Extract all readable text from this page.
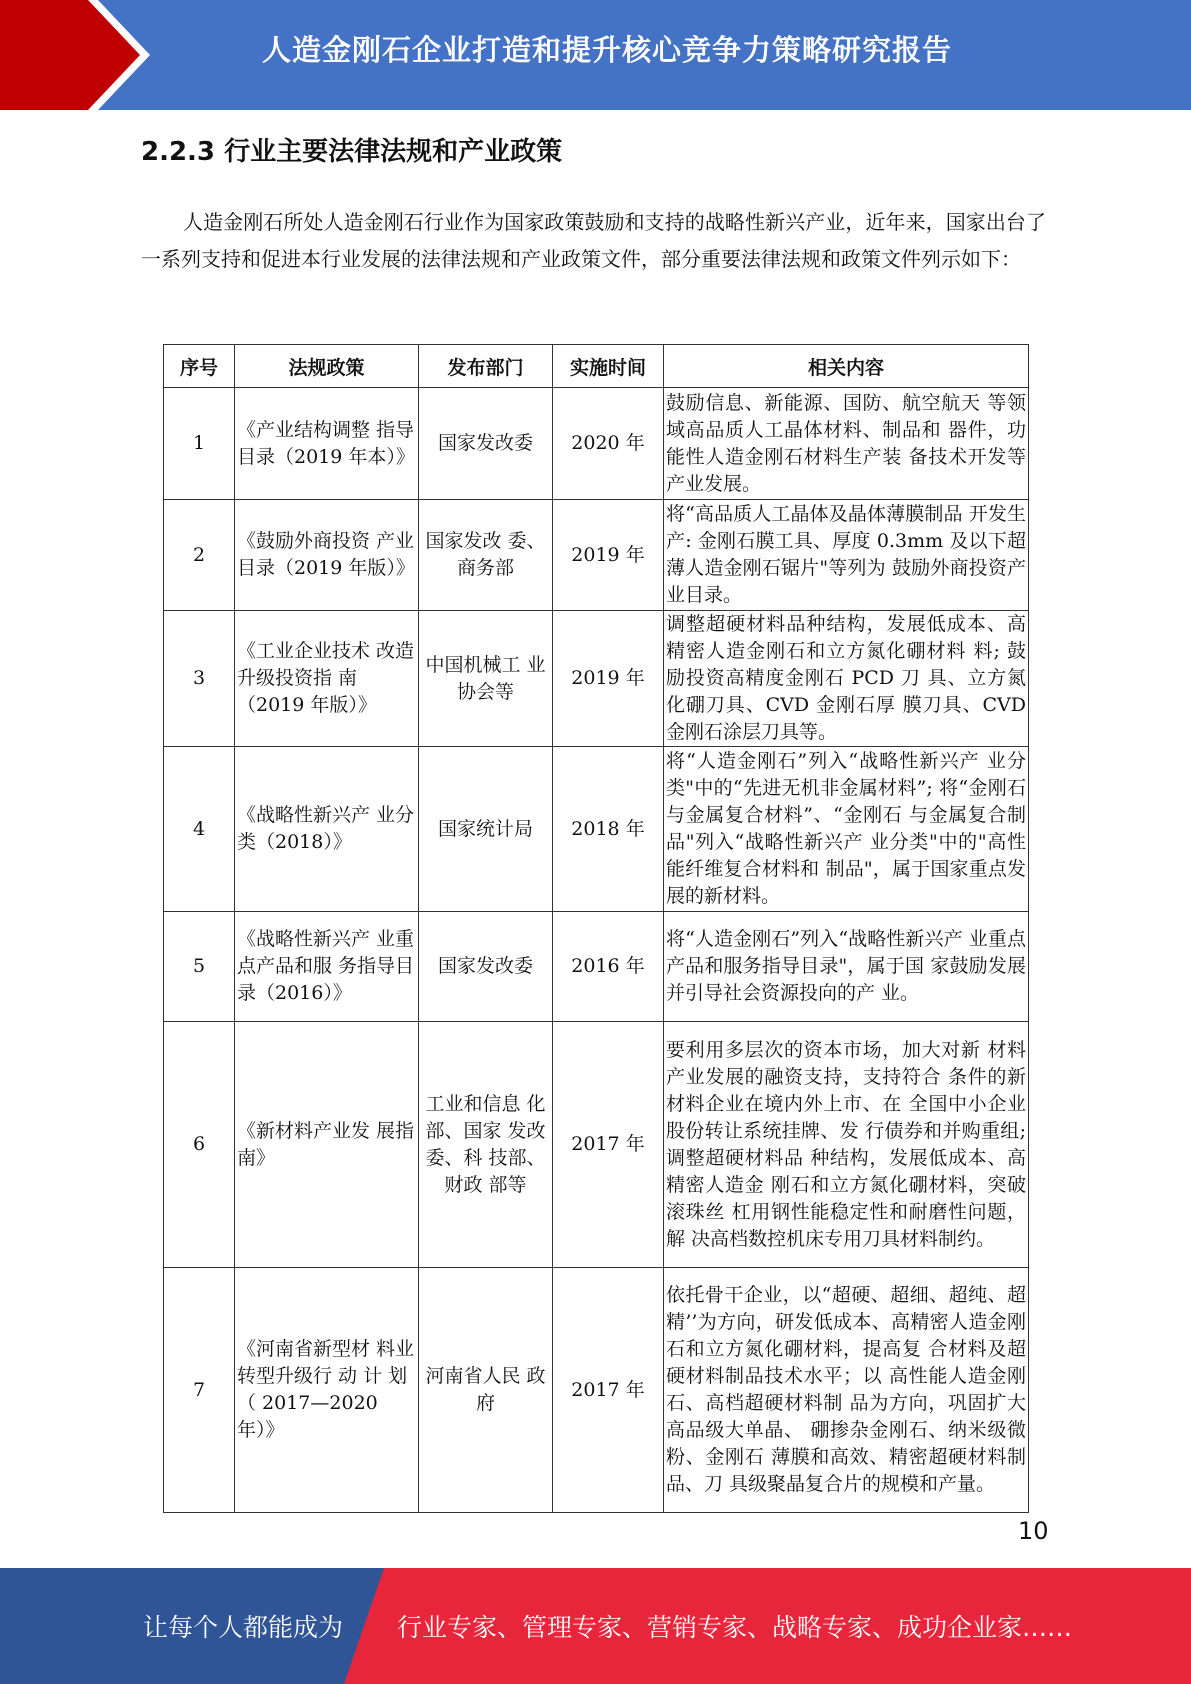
人造金刚石企业打造和提升核心竞争力策略研究报告
2.2.3 行业主要法律法规和产业政策

人造金刚石所处人造金刚石行业作为国家政策鼓励和支持的战略性新兴产业，近年来，国家出台了一系列支持和促进本行业发展的法律法规和产业政策文件，部分重要法律法规和政策文件列示如下：

序号	法规政策	发布部门	实施时间	相关内容
1	《产业结构调整 指导目录（2019 年本）》	国家发改委	2020 年	鼓励信息、新能源、国防、航空航天 等领域高品质人工晶体材料、制品和 器件，功能性人造金刚石材料生产装 备技术开发等产业发展。
2	《鼓励外商投资 产业目录（2019 年版）》	国家发改 委、商务部	2019 年	将“高品质人工晶体及晶体薄膜制品 开发生产: 金刚石膜工具、厚度 0.3mm 及以下超薄人造金刚石锯片"等列为 鼓励外商投资产业目录。
3	《工业企业技术 改造升级投资指 南（2019 年版）》	中国机械工 业协会等	2019 年	调整超硬材料品种结构，发展低成本、高精密人造金刚石和立方氮化硼材料 料; 鼓励投资高精度金刚石 PCD 刀 具、立方氮化硼刀具、CVD 金刚石厚 膜刀具、CVD 金刚石涂层刀具等。
4	《战略性新兴产 业分类（2018）》	国家统计局	2018 年	将“人造金刚石”列入“战略性新兴产 业分类"中的“先进无机非金属材料”; 将“金刚石与金属复合材料”、“金刚石 与金属复合制品"列入“战略性新兴产 业分类"中的"高性能纤维复合材料和 制品"，属于国家重点发展的新材料。
5	《战略性新兴产 业重点产品和服 务指导目录（2016）》	国家发改委	2016 年	将“人造金刚石”列入“战略性新兴产 业重点产品和服务指导目录"，属于国 家鼓励发展并引导社会资源投向的产 业。
6	《新材料产业发 展指南》	工业和信息 化部、国家 发改委、科 技部、财政 部等	2017 年	要利用多层次的资本市场，加大对新 材料产业发展的融资支持，支持符合 条件的新材料企业在境内外上市、在 全国中小企业股份转让系统挂牌、发 行债券和并购重组; 调整超硬材料品 种结构，发展低成本、高精密人造金 刚石和立方氮化硼材料，突破滚珠丝 杠用钢性能稳定性和耐磨性问题，解 决高档数控机床专用刀具材料制约。
7	《河南省新型材 料业转型升级行 动 计 划 （ 2017—2020 年）》	河南省人民 政府	2017 年	依托骨干企业，以“超硬、超细、超纯、超精’’为方向，研发低成本、高精密人造金刚石和立方氮化硼材料，提高复 合材料及超硬材料制品技术水平；以 高性能人造金刚石、高档超硬材料制 品为方向，巩固扩大高品级大单晶、 硼掺杂金刚石、纳米级微粉、金刚石 薄膜和高效、精密超硬材料制品、刀 具级聚晶复合片的规模和产量。
10
让每个人都能成为 行业专家、管理专家、营销专家、战略专家、成功企业家……
